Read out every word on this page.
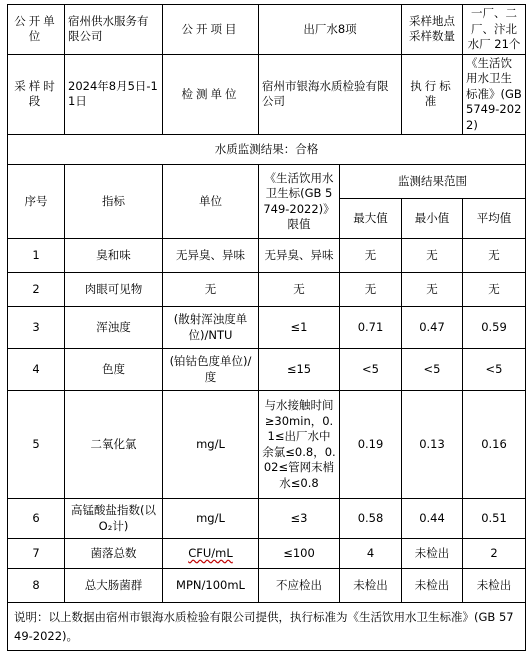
公开单位	宿州供水服务有限公司	公开项目	出厂水8项		采样地点采样数量	一厂、二厂、汴北水厂 21个
采样时段	2024年8月5日-11日	检测单位	宿州市银海水质检验有限公司		执行标准	《生活饮用水卫生标准》(GB 5749-2022)
水质监测结果：合格						
序号	指标	单位	《生活饮用水卫生标(GB 5749-2022)》限值	监测结果范围		
				最大值	最小值	平均值
1	臭和味	无异臭、异味	无异臭、异味	无	无	无
2	肉眼可见物	无	无	无	无	无
3	浑浊度	(散射浑浊度单位)/NTU	≤1	0.71	0.47	0.59
4	色度	(铂钴色度单位)/度	≤15	<5	<5	<5
5	二氧化氯	mg/L	与水接触时间≥30min，0.1≤出厂水中余氯≤0.8，0.02≤管网末梢水≤0.8	0.19	0.13	0.16
6	高锰酸盐指数(以O₂计)	mg/L	≤3	0.58	0.44	0.51
7	菌落总数	CFU/mL	≤100	4	未检出	2
8	总大肠菌群	MPN/100mL	不应检出	未检出	未检出	未检出
说明：以上数据由宿州市银海水质检验有限公司提供，执行标准为《生活饮用水卫生标准》(GB 5749-2022)。						
